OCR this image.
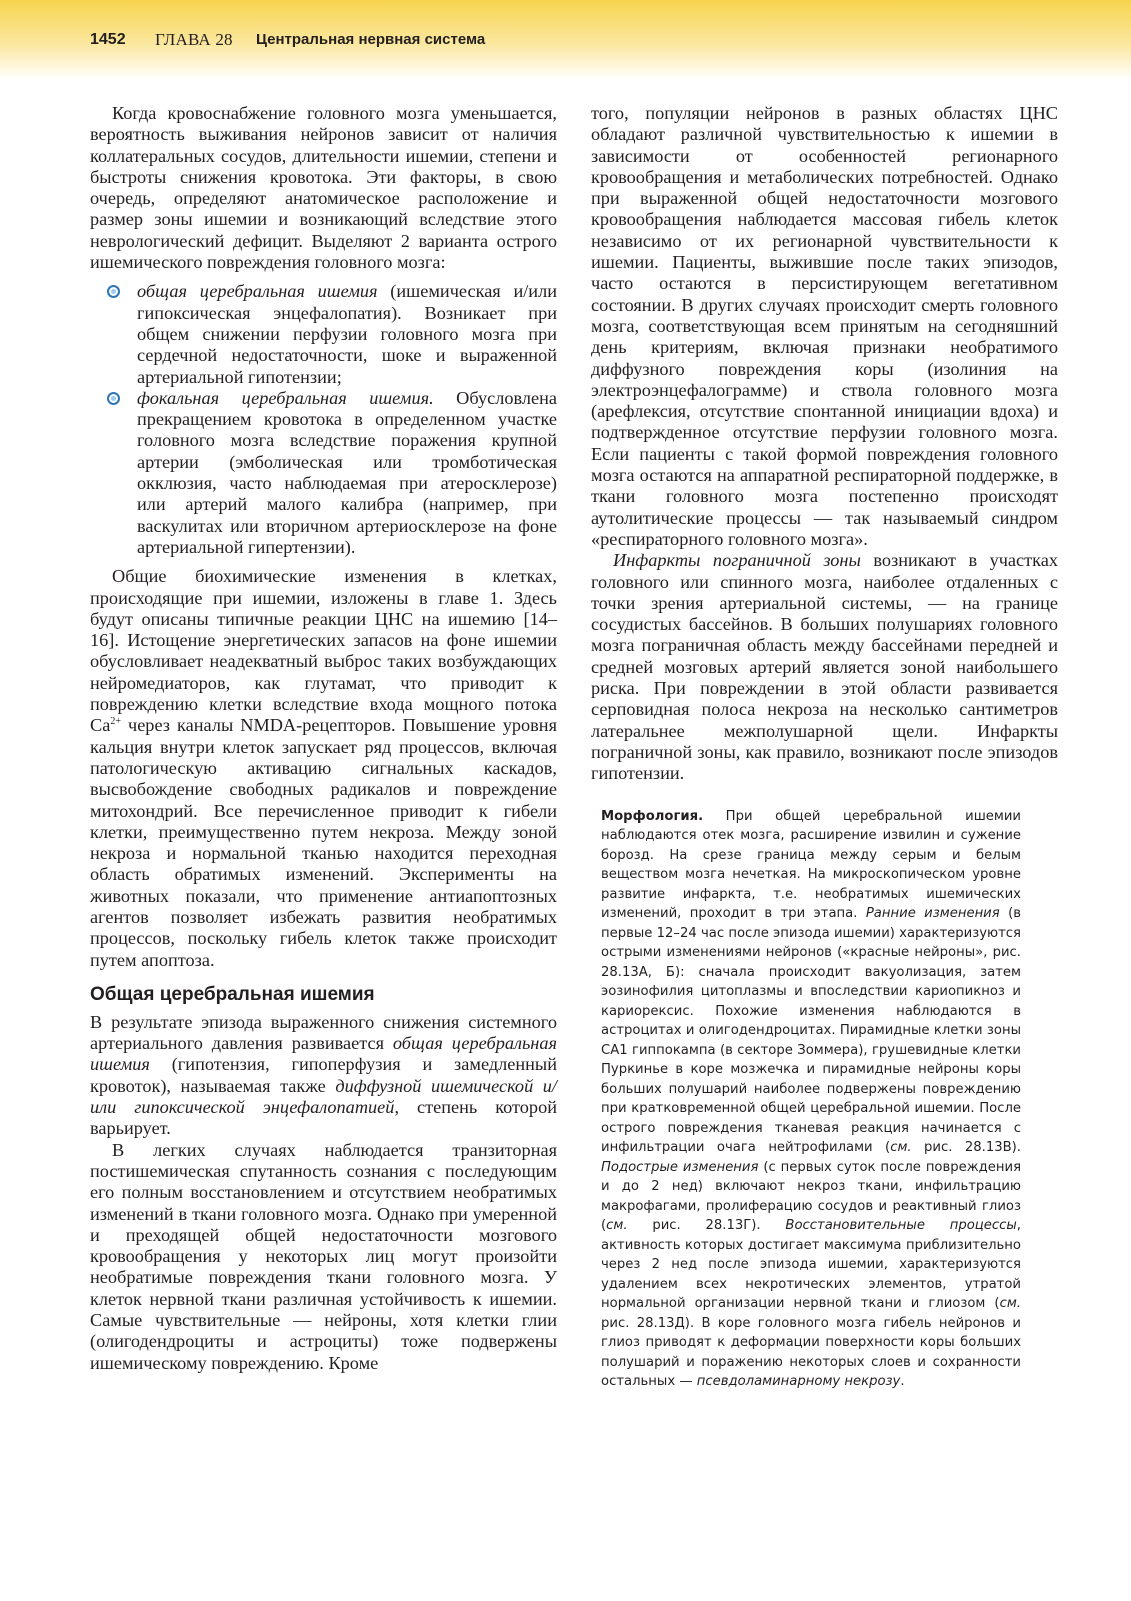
1452 ГЛАВА 28 Центральная нервная система

Когда кровоснабжение головного мозга уменьшается, вероятность выживания нейронов зависит от наличия коллатеральных сосудов, длительности ишемии, степени и быстроты снижения кровотока. Эти факторы, в свою очередь, определяют анатомическое расположение и размер зоны ишемии и возникающий вследствие этого неврологический дефицит. Выделяют 2 варианта острого ишемического повреждения головного мозга:

общая церебральная ишемия (ишемическая и/или гипоксическая энцефалопатия). Возникает при общем снижении перфузии головного мозга при сердечной недостаточности, шоке и выраженной артериальной гипотензии;
фокальная церебральная ишемия. Обусловлена прекращением кровотока в определенном участке головного мозга вследствие поражения крупной артерии (эмболическая или тромботическая окклюзия, часто наблюдаемая при атеросклерозе) или артерий малого калибра (например, при васкулитах или вторичном артериосклерозе на фоне артериальной гипертензии).

Общие биохимические изменения в клетках, происходящие при ишемии, изложены в главе 1. Здесь будут описаны типичные реакции ЦНС на ишемию [14–16]. Истощение энергетических запасов на фоне ишемии обусловливает неадекватный выброс таких возбуждающих нейромедиаторов, как глутамат, что приводит к повреждению клетки вследствие входа мощного потока $Ca^{2+}$ через каналы NMDA-рецепторов. Повышение уровня кальция внутри клеток запускает ряд процессов, включая патологическую активацию сигнальных каскадов, высвобождение свободных радикалов и повреждение митохондрий. Все перечисленное приводит к гибели клетки, преимущественно путем некроза. Между зоной некроза и нормальной тканью находится переходная область обратимых изменений. Эксперименты на животных показали, что применение антиапоптозных агентов позволяет избежать развития необратимых процессов, поскольку гибель клеток также происходит путем апоптоза.

Общая церебральная ишемия

В результате эпизода выраженного снижения системного артериального давления развивается общая церебральная ишемия (гипотензия, гипоперфузия и замедленный кровоток), называемая также диффузной ишемической и/или гипоксической энцефалопатией, степень которой варьирует.

В легких случаях наблюдается транзиторная постишемическая спутанность сознания с последующим его полным восстановлением и отсутствием необратимых изменений в ткани головного мозга. Однако при умеренной и преходящей общей недостаточности мозгового кровообращения у некоторых лиц могут произойти необратимые повреждения ткани головного мозга. У клеток нервной ткани различная устойчивость к ишемии. Самые чувствительные — нейроны, хотя клетки глии (олигодендроциты и астроциты) тоже подвержены ишемическому повреждению. Кроме

того, популяции нейронов в разных областях ЦНС обладают различной чувствительностью к ишемии в зависимости от особенностей регионарного кровообращения и метаболических потребностей. Однако при выраженной общей недостаточности мозгового кровообращения наблюдается массовая гибель клеток независимо от их регионарной чувствительности к ишемии. Пациенты, выжившие после таких эпизодов, часто остаются в персистирующем вегетативном состоянии. В других случаях происходит смерть головного мозга, соответствующая всем принятым на сегодняшний день критериям, включая признаки необратимого диффузного повреждения коры (изолиния на электроэнцефалограмме) и ствола головного мозга (арефлексия, отсутствие спонтанной инициации вдоха) и подтвержденное отсутствие перфузии головного мозга. Если пациенты с такой формой повреждения головного мозга остаются на аппаратной респираторной поддержке, в ткани головного мозга постепенно происходят аутолитические процессы — так называемый синдром «респираторного головного мозга».

Инфаркты пограничной зоны возникают в участках головного или спинного мозга, наиболее отдаленных с точки зрения артериальной системы, — на границе сосудистых бассейнов. В больших полушариях головного мозга пограничная область между бассейнами передней и средней мозговых артерий является зоной наибольшего риска. При повреждении в этой области развивается серповидная полоса некроза на несколько сантиметров латеральнее межполушарной щели. Инфаркты пограничной зоны, как правило, возникают после эпизодов гипотензии.

Морфология. При общей церебральной ишемии наблюдаются отек мозга, расширение извилин и сужение борозд. На срезе граница между серым и белым веществом мозга нечеткая. На микроскопическом уровне развитие инфаркта, т.е. необратимых ишемических изменений, проходит в три этапа. Ранние изменения (в первые 12–24 час после эпизода ишемии) характеризуются острыми изменениями нейронов («красные нейроны», рис. 28.13А, Б): сначала происходит вакуолизация, затем эозинофилия цитоплазмы и впоследствии кариопикноз и кариорексис. Похожие изменения наблюдаются в астроцитах и олигодендроцитах. Пирамидные клетки зоны CA1 гиппокампа (в секторе Зоммера), грушевидные клетки Пуркинье в коре мозжечка и пирамидные нейроны коры больших полушарий наиболее подвержены повреждению при кратковременной общей церебральной ишемии. После острого повреждения тканевая реакция начинается с инфильтрации очага нейтрофилами (см. рис. 28.13В). Подострые изменения (с первых суток после повреждения и до 2 нед) включают некроз ткани, инфильтрацию макрофагами, пролиферацию сосудов и реактивный глиоз (см. рис. 28.13Г). Восстановительные процессы, активность которых достигает максимума приблизительно через 2 нед после эпизода ишемии, характеризуются удалением всех некротических элементов, утратой нормальной организации нервной ткани и глиозом (см. рис. 28.13Д). В коре головного мозга гибель нейронов и глиоз приводят к деформации поверхности коры больших полушарий и поражению некоторых слоев и сохранности остальных — псевдоламинарному некрозу.
